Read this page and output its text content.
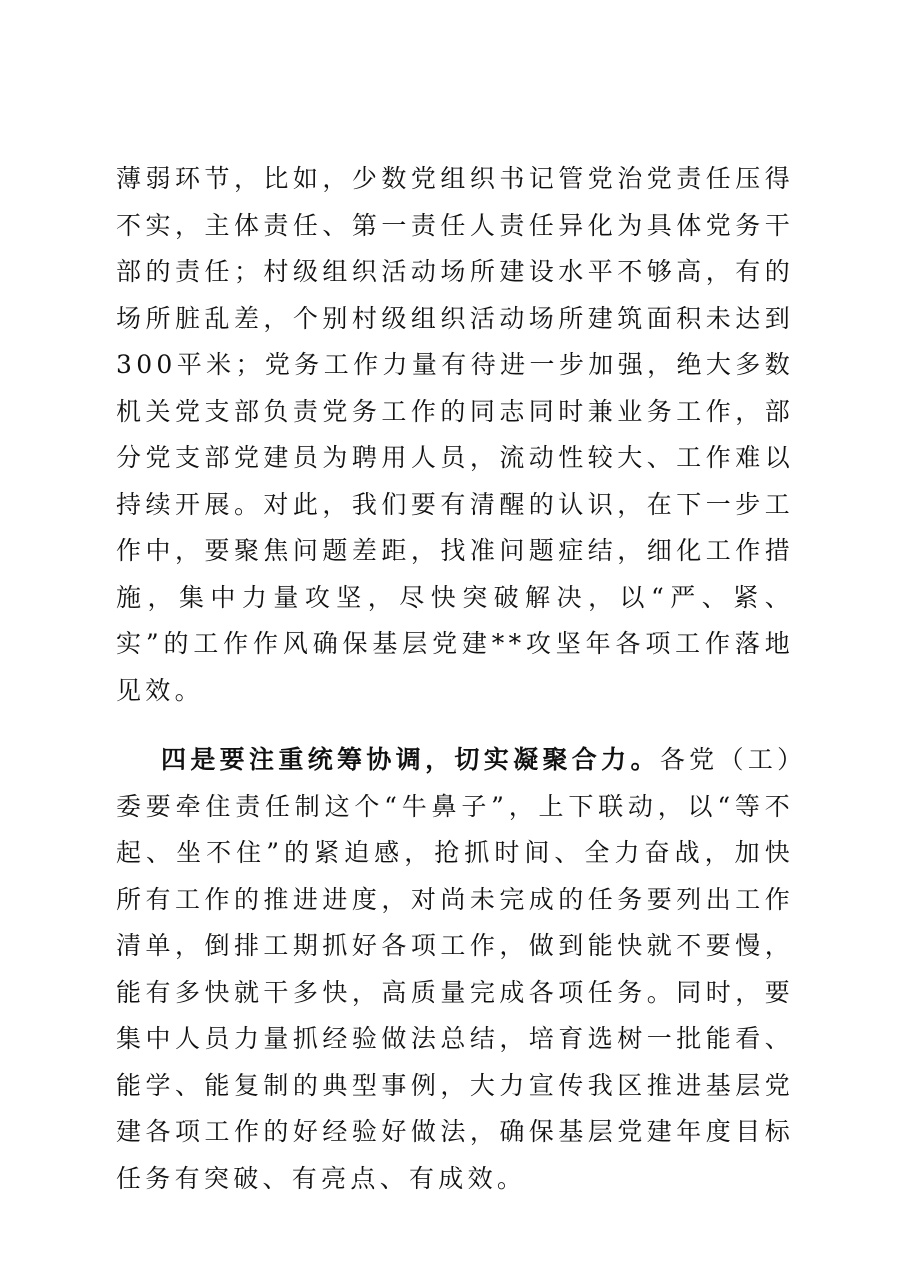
薄弱环节，比如，少数党组织书记管党治党责任压得不实，主体责任、第一责任人责任异化为具体党务干部的责任；村级组织活动场所建设水平不够高，有的场所脏乱差，个别村级组织活动场所建筑面积未达到300平米；党务工作力量有待进一步加强，绝大多数机关党支部负责党务工作的同志同时兼业务工作，部分党支部党建员为聘用人员，流动性较大、工作难以持续开展。对此，我们要有清醒的认识，在下一步工作中，要聚焦问题差距，找准问题症结，细化工作措施，集中力量攻坚，尽快突破解决，以“严、紧、实”的工作作风确保基层党建**攻坚年各项工作落地见效。

四是要注重统筹协调，切实凝聚合力。各党（工）委要牵住责任制这个“牛鼻子”，上下联动，以“等不起、坐不住”的紧迫感，抢抓时间、全力奋战，加快所有工作的推进进度，对尚未完成的任务要列出工作清单，倒排工期抓好各项工作，做到能快就不要慢，能有多快就干多快，高质量完成各项任务。同时，要集中人员力量抓经验做法总结，培育选树一批能看、能学、能复制的典型事例，大力宣传我区推进基层党建各项工作的好经验好做法，确保基层党建年度目标任务有突破、有亮点、有成效。
